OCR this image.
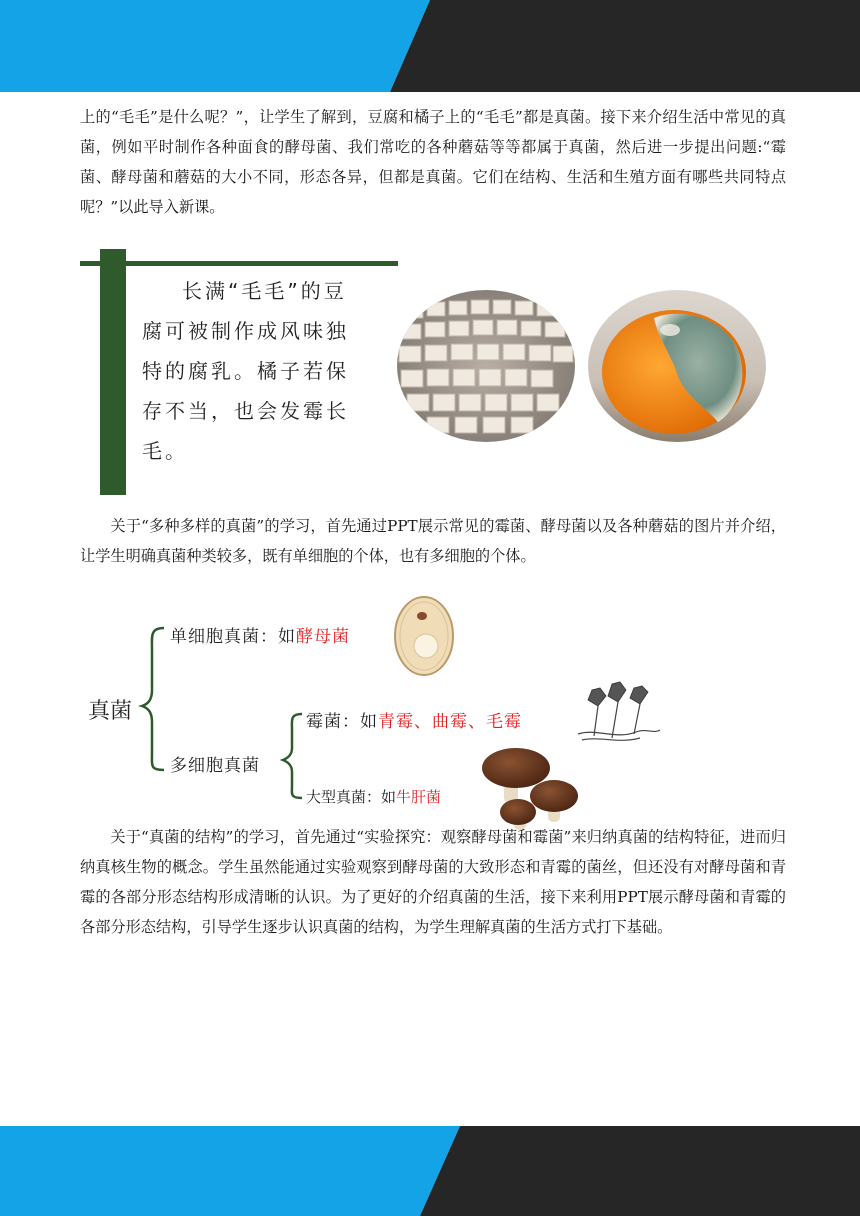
上的“毛毛”是什么呢？”，让学生了解到，豆腐和橘子上的“毛毛”都是真菌。接下来介绍生活中常见的真菌，例如平时制作各种面食的酵母菌、我们常吃的各种蘑菇等等都属于真菌，然后进一步提出问题:“霉菌、酵母菌和蘑菇的大小不同，形态各异，但都是真菌。它们在结构、生活和生殖方面有哪些共同特点呢？”以此导入新课。

长满“毛毛”的豆腐可被制作成风味独特的腐乳。橘子若保存不当，也会发霉长毛。

关于“多种多样的真菌”的学习，首先通过PPT展示常见的霉菌、酵母菌以及各种蘑菇的图片并介绍，让学生明确真菌种类较多，既有单细胞的个体，也有多细胞的个体。

真菌
单细胞真菌：如酵母菌
多细胞真菌
霉菌：如青霉、曲霉、毛霉
大型真菌：如牛肝菌

关于“真菌的结构”的学习，首先通过“实验探究：观察酵母菌和霉菌”来归纳真菌的结构特征，进而归纳真核生物的概念。学生虽然能通过实验观察到酵母菌的大致形态和青霉的菌丝，但还没有对酵母菌和青霉的各部分形态结构形成清晰的认识。为了更好的介绍真菌的生活，接下来利用PPT展示酵母菌和青霉的各部分形态结构，引导学生逐步认识真菌的结构，为学生理解真菌的生活方式打下基础。
